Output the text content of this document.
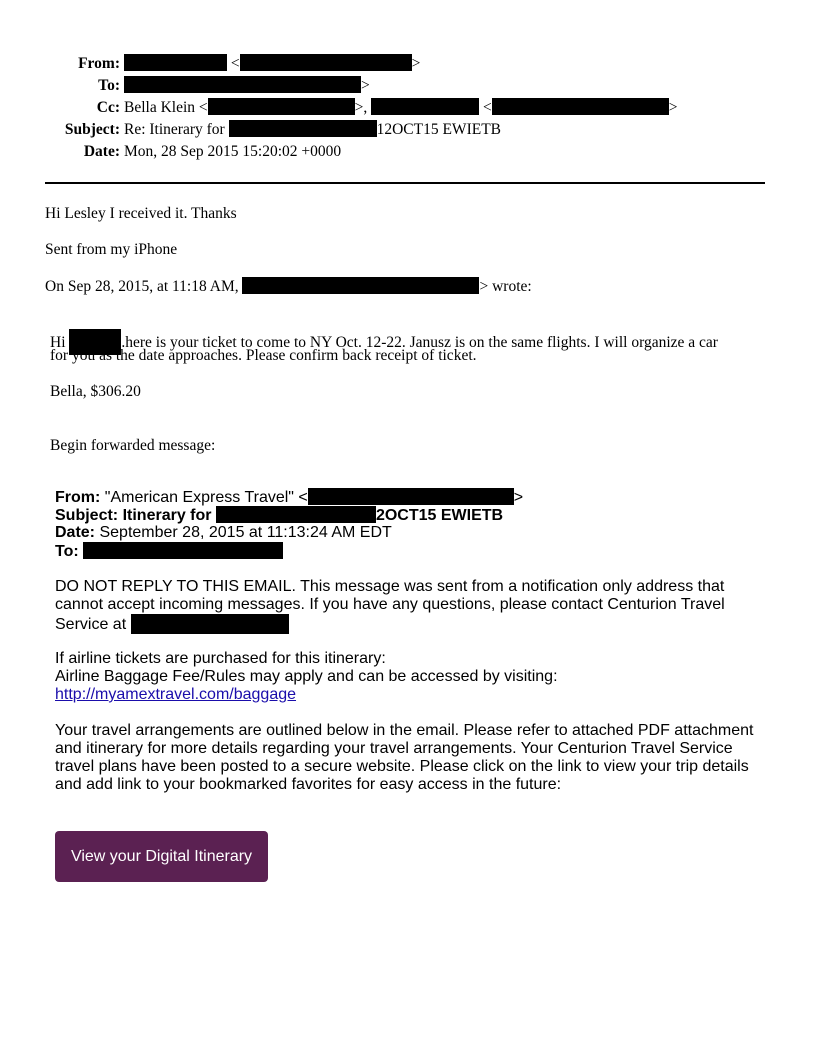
From:	<	>
To:	>
Cc: Bella Klein <	>,	<	>
Subject: Re: Itinerary for	12OCT15 EWIETB
Date: Mon, 28 Sep 2015 15:20:02 +0000
Hi Lesley I received it. Thanks
Sent from my iPhone
On Sep 28, 2015, at 11:18 AM,	> wrote:
Hi	.here is your ticket to come to NY Oct. 12-22. Janusz is on the same flights. I will organize a car
for you as the date approaches. Please confirm back receipt of ticket.
Bella, $306.20
Begin forwarded message:
From: "American Express Travel" <	>
Subject: Itinerary for	2OCT15 EWIETB
Date: September 28, 2015 at 11:13:24 AM EDT
To:
DO NOT REPLY TO THIS EMAIL. This message was sent from a notification only address that
cannot accept incoming messages. If you have any questions, please contact Centurion Travel
Service at
If airline tickets are purchased for this itinerary:
Airline Baggage Fee/Rules may apply and can be accessed by visiting:
http://myamextravel.com/baggage
Your travel arrangements are outlined below in the email. Please refer to attached PDF attachment
and itinerary for more details regarding your travel arrangements. Your Centurion Travel Service
travel plans have been posted to a secure website. Please click on the link to view your trip details
and add link to your bookmarked favorites for easy access in the future:
View your Digital Itinerary
